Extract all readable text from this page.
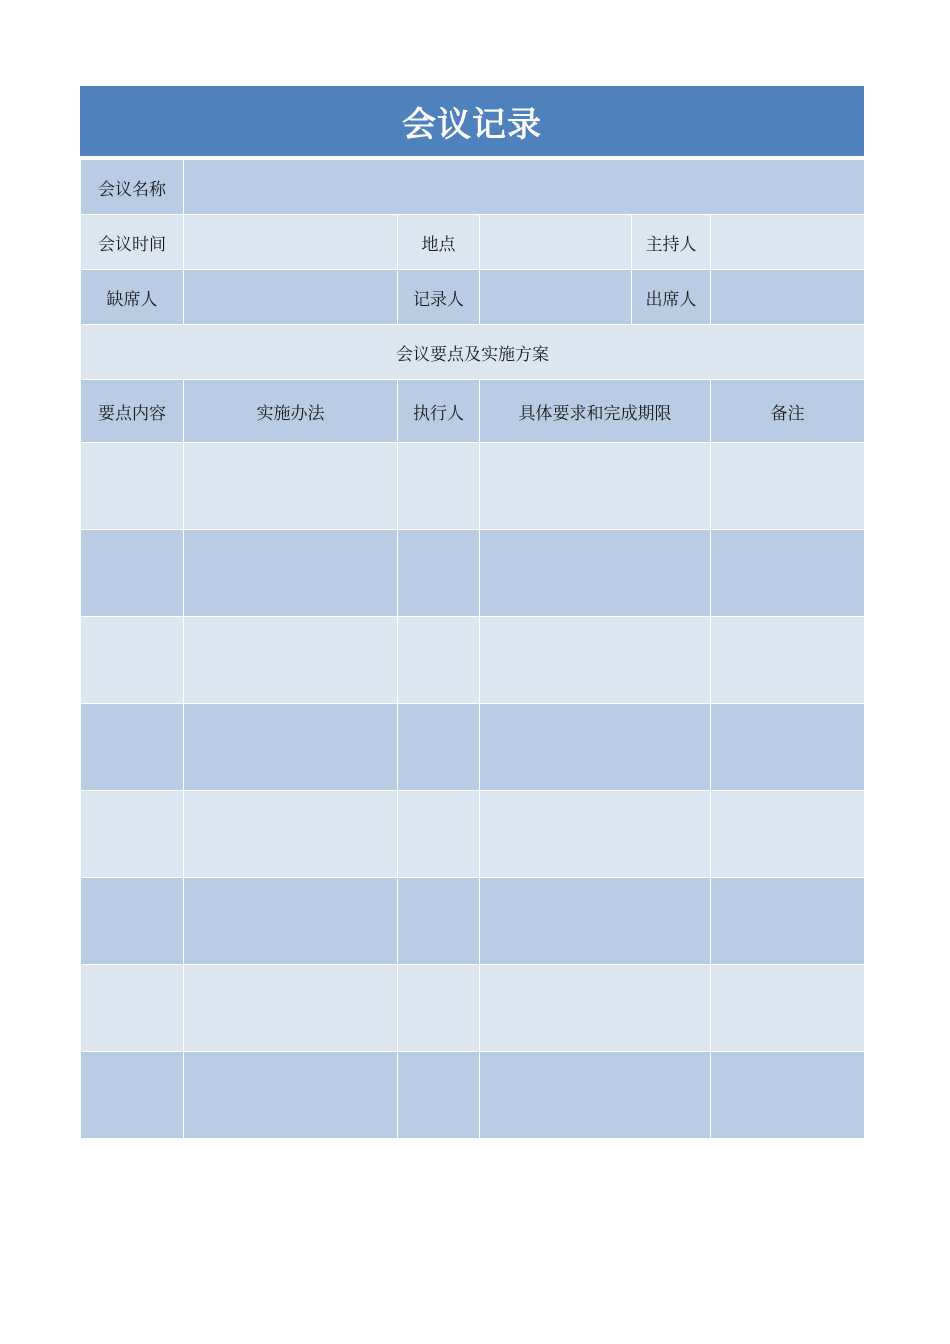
会议记录
会议名称					
会议时间		地点		主持人	
缺席人		记录人		出席人	
会议要点及实施方案					
要点内容	实施办法	执行人	具体要求和完成期限		备注
